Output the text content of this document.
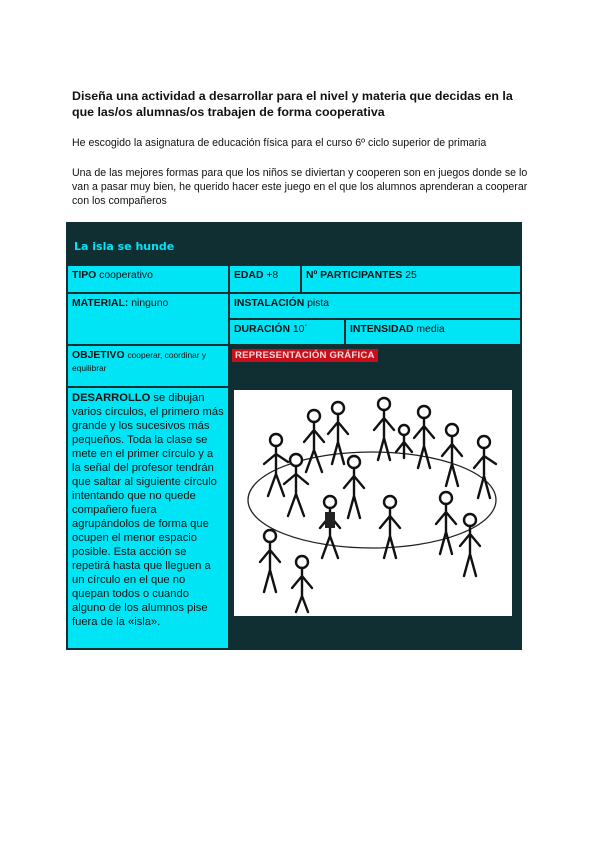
Diseña una actividad a desarrollar para el nivel y materia que decidas en la que las/os alumnas/os trabajen de forma cooperativa
He escogido la asignatura de educación física para el curso 6º ciclo superior de primaria
Una de las mejores formas para que los niños se diviertan y cooperen son en juegos donde se lo van a pasar muy bien, he querido hacer este juego en el que los alumnos aprenderan a cooperar con los compañeros
La isla se hunde
TIPO cooperativo	EDAD +8	Nº PARTICIPANTES 25
MATERIAL: ninguno	INSTALACIÓN pista
DURACIÓN 10´	INTENSIDAD media
OBJETIVO cooperar, coordinar y equilibrar
REPRESENTACIÓN GRÁFICA
DESARROLLO se dibujan varios círculos, el primero más grande y los sucesivos más pequeños. Toda la clase se mete en el primer círculo y a la señal del profesor tendrán que saltar al siguiente círculo intentando que no quede compañero fuera agrupándolos de forma que ocupen el menor espacio posible. Esta acción se repetirá hasta que lleguen a un círculo en el que no quepan todos o cuando alguno de los alumnos pise fuera de la «isla».
